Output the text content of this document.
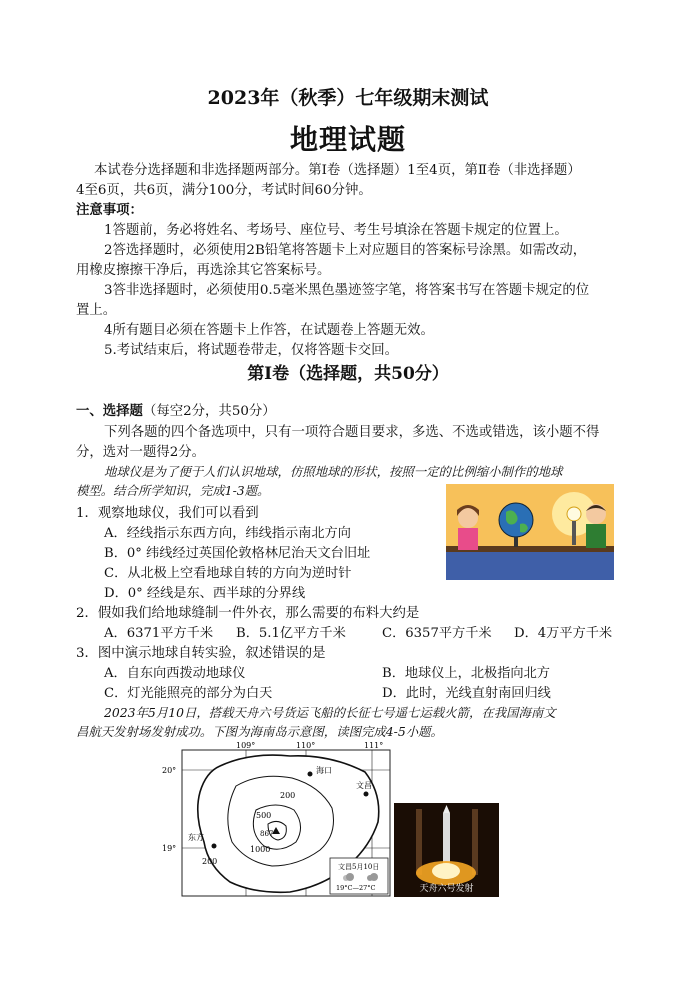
2023年（秋季）七年级期末测试
地理试题
本试卷分选择题和非选择题两部分。第Ⅰ卷（选择题）1至4页，第Ⅱ卷（非选择题）
4至6页，共6页，满分100分，考试时间60分钟。
注意事项：
1答题前，务必将姓名、考场号、座位号、考生号填涂在答题卡规定的位置上。
2答选择题时，必须使用2B铅笔将答题卡上对应题目的答案标号涂黑。如需改动，
用橡皮擦擦干净后，再选涂其它答案标号。
3答非选择题时，必须使用0.5毫米黑色墨迹签字笔，将答案书写在答题卡规定的位
置上。
4所有题目必须在答题卡上作答，在试题卷上答题无效。
5.考试结束后，将试题卷带走，仅将答题卡交回。
第Ⅰ卷（选择题，共50分）
一、选择题（每空2分，共50分）
下列各题的四个备选项中，只有一项符合题目要求，多选、不选或错选，该小题不得
分，选对一题得2分。
地球仪是为了便于人们认识地球，仿照地球的形状，按照一定的比例缩小制作的地球
模型。结合所学知识，完成1-3题。
1．观察地球仪，我们可以看到
A．经线指示东西方向，纬线指示南北方向
B．0° 纬线经过英国伦敦格林尼治天文台旧址
C．从北极上空看地球自转的方向为逆时针
D．0° 经线是东、西半球的分界线
2．假如我们给地球缝制一件外衣，那么需要的布料大约是
A．6371平方千米 B．5.1亿平方千米	C．6357平方千米 D．4万平方千米
3．图中演示地球自转实验，叙述错误的是
A．自东向西拨动地球仪	B．地球仪上，北极指向北方
C．灯光能照亮的部分为白天	D．此时，光线直射南回归线
2023年5月10日，搭载天舟六号货运飞船的长征七号遥七运载火箭，在我国海南文
昌航天发射场发射成功。下图为海南岛示意图，读图完成4-5小题。
109°	110°	111°
20°
19°
海口
文昌
东方
200
200
500
1000
867
文昌5月10日
19°C—27°C	天舟六号发射
